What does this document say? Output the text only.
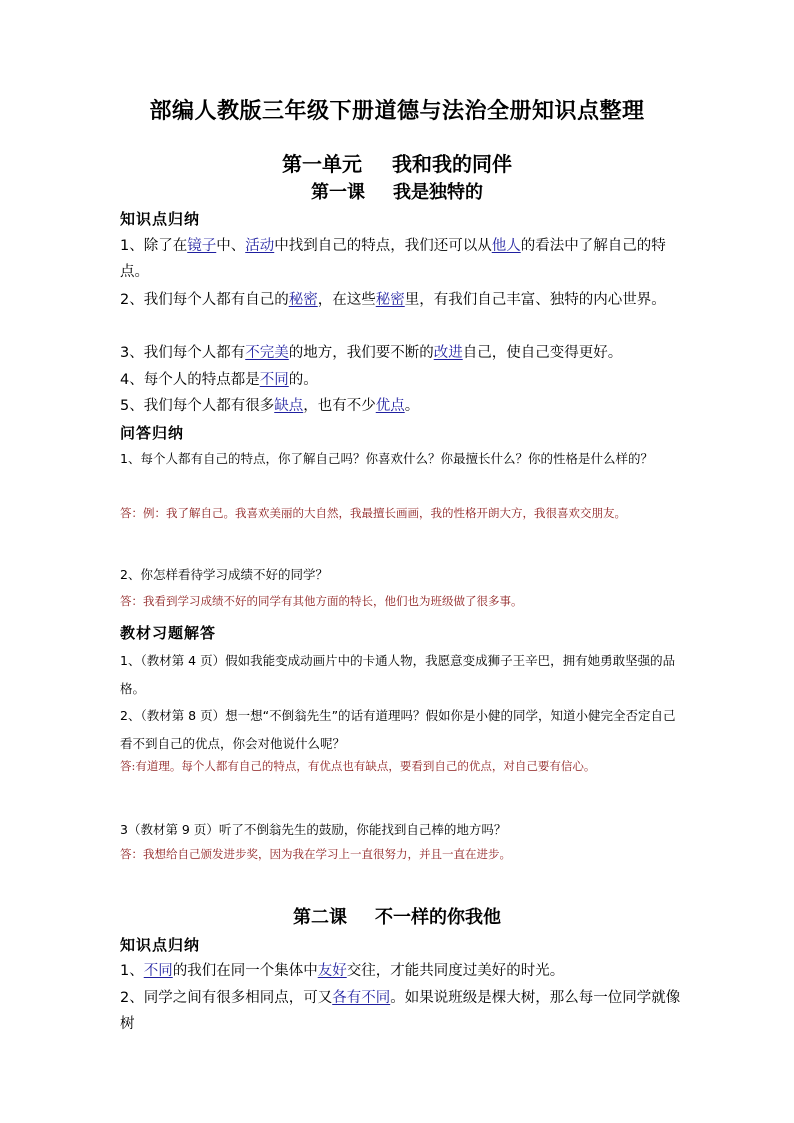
部编人教版三年级下册道德与法治全册知识点整理
第一单元 我和我的同伴
第一课 我是独特的
知识点归纳
1、除了在镜子中、活动中找到自己的特点，我们还可以从他人的看法中了解自己的特点。
2、我们每个人都有自己的秘密，在这些秘密里，有我们自己丰富、独特的内心世界。
3、我们每个人都有不完美的地方，我们要不断的改进自己，使自己变得更好。
4、每个人的特点都是不同的。
5、我们每个人都有很多缺点，也有不少优点。
问答归纳
1、每个人都有自己的特点，你了解自己吗？你喜欢什么？你最擅长什么？你的性格是什么样的？
答：例：我了解自己。我喜欢美丽的大自然，我最擅长画画，我的性格开朗大方，我很喜欢交朋友。
2、你怎样看待学习成绩不好的同学？
答：我看到学习成绩不好的同学有其他方面的特长，他们也为班级做了很多事。
教材习题解答
1、（教材第 4 页）假如我能变成动画片中的卡通人物，我愿意变成狮子王辛巴，拥有她勇敢坚强的品格。
2、（教材第 8 页）想一想“不倒翁先生”的话有道理吗？假如你是小健的同学，知道小健完全否定自己看不到自己的优点，你会对他说什么呢？
答:有道理。每个人都有自己的特点，有优点也有缺点，要看到自己的优点，对自己要有信心。
3（教材第 9 页）听了不倒翁先生的鼓励，你能找到自己棒的地方吗？
答：我想给自己颁发进步奖，因为我在学习上一直很努力，并且一直在进步。
第二课 不一样的你我他
知识点归纳
1、不同的我们在同一个集体中友好交往，才能共同度过美好的时光。
2、同学之间有很多相同点，可又各有不同。如果说班级是棵大树，那么每一位同学就像树
